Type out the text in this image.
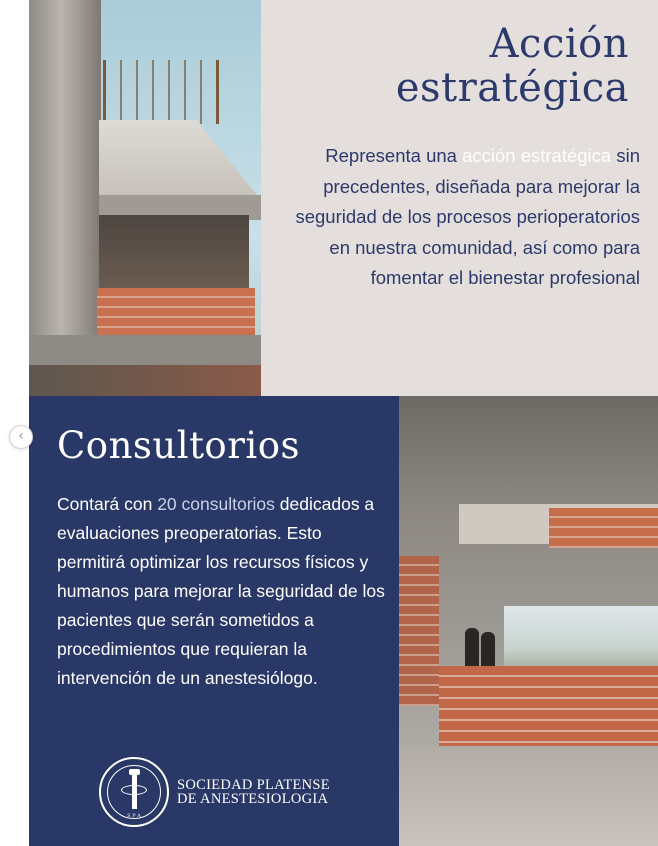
Acción
estratégica

Representa una acción estratégica sin precedentes, diseñada para mejorar la seguridad de los procesos perioperatorios en nuestra comunidad, así como para fomentar el bienestar profesional

Consultorios

Contará con 20 consultorios dedicados a evaluaciones preoperatorias. Esto permitirá optimizar los recursos físicos y humanos para mejorar la seguridad de los pacientes que serán sometidos a procedimientos que requieran la intervención de un anestesiólogo.

S P A
SOCIEDAD PLATENSE
DE ANESTESIOLOGIA
‹
